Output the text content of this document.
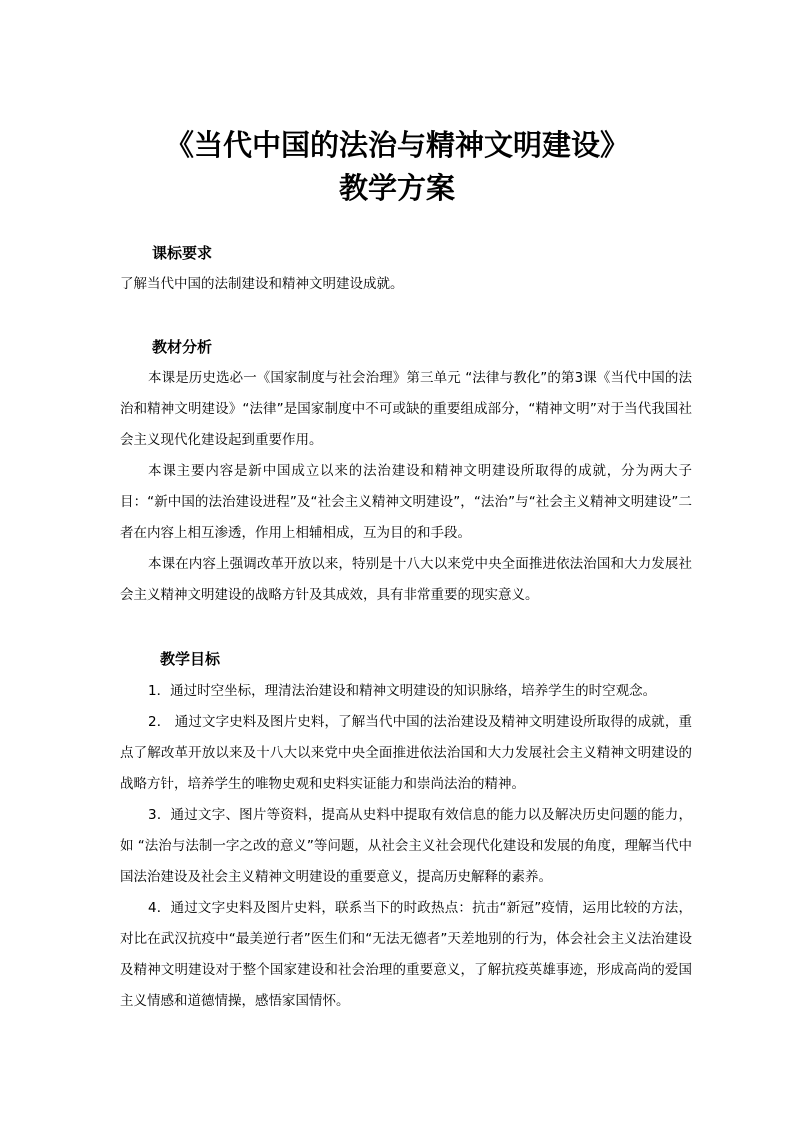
《当代中国的法治与精神文明建设》
教学方案
课标要求

了解当代中国的法制建设和精神文明建设成就。

教材分析

本课是历史选必一《国家制度与社会治理》第三单元 “法律与教化”的第3课《当代中国的法治和精神文明建设》“法律”是国家制度中不可或缺的重要组成部分，“精神文明”对于当代我国社会主义现代化建设起到重要作用。

本课主要内容是新中国成立以来的法治建设和精神文明建设所取得的成就，分为两大子目：“新中国的法治建设进程”及“社会主义精神文明建设”，“法治”与“社会主义精神文明建设”二者在内容上相互渗透，作用上相辅相成，互为目的和手段。

本课在内容上强调改革开放以来，特别是十八大以来党中央全面推进依法治国和大力发展社会主义精神文明建设的战略方针及其成效，具有非常重要的现实意义。

教学目标

1．通过时空坐标，理清法治建设和精神文明建设的知识脉络，培养学生的时空观念。

2． 通过文字史料及图片史料，了解当代中国的法治建设及精神文明建设所取得的成就，重点了解改革开放以来及十八大以来党中央全面推进依法治国和大力发展社会主义精神文明建设的战略方针，培养学生的唯物史观和史料实证能力和崇尚法治的精神。

3．通过文字、图片等资料，提高从史料中提取有效信息的能力以及解决历史问题的能力，如 “法治与法制一字之改的意义”等问题，从社会主义社会现代化建设和发展的角度，理解当代中国法治建设及社会主义精神文明建设的重要意义，提高历史解释的素养。

4．通过文字史料及图片史料，联系当下的时政热点：抗击“新冠”疫情，运用比较的方法，对比在武汉抗疫中“最美逆行者”医生们和“无法无德者”天差地别的行为，体会社会主义法治建设及精神文明建设对于整个国家建设和社会治理的重要意义，了解抗疫英雄事迹，形成高尚的爱国主义情感和道德情操，感悟家国情怀。
